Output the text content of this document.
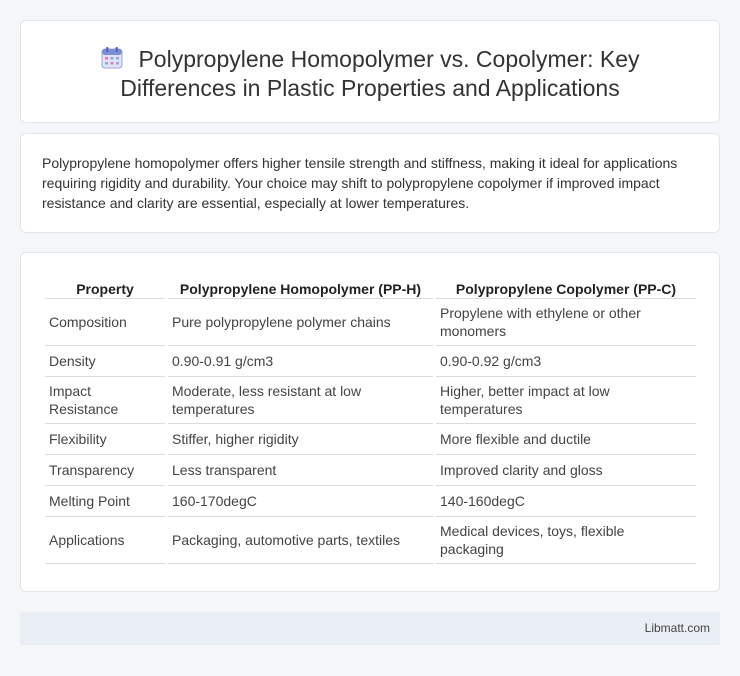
Polypropylene Homopolymer vs. Copolymer: Key Differences in Plastic Properties and Applications

Polypropylene homopolymer offers higher tensile strength and stiffness, making it ideal for applications requiring rigidity and durability. Your choice may shift to polypropylene copolymer if improved impact resistance and clarity are essential, especially at lower temperatures.

Property	Polypropylene Homopolymer (PP-H)	Polypropylene Copolymer (PP-C)
Composition	Pure polypropylene polymer chains	Propylene with ethylene or other monomers
Density	0.90-0.91 g/cm3	0.90-0.92 g/cm3
Impact Resistance	Moderate, less resistant at low temperatures	Higher, better impact at low temperatures
Flexibility	Stiffer, higher rigidity	More flexible and ductile
Transparency	Less transparent	Improved clarity and gloss
Melting Point	160-170degC	140-160degC
Applications	Packaging, automotive parts, textiles	Medical devices, toys, flexible packaging
Libmatt.com
